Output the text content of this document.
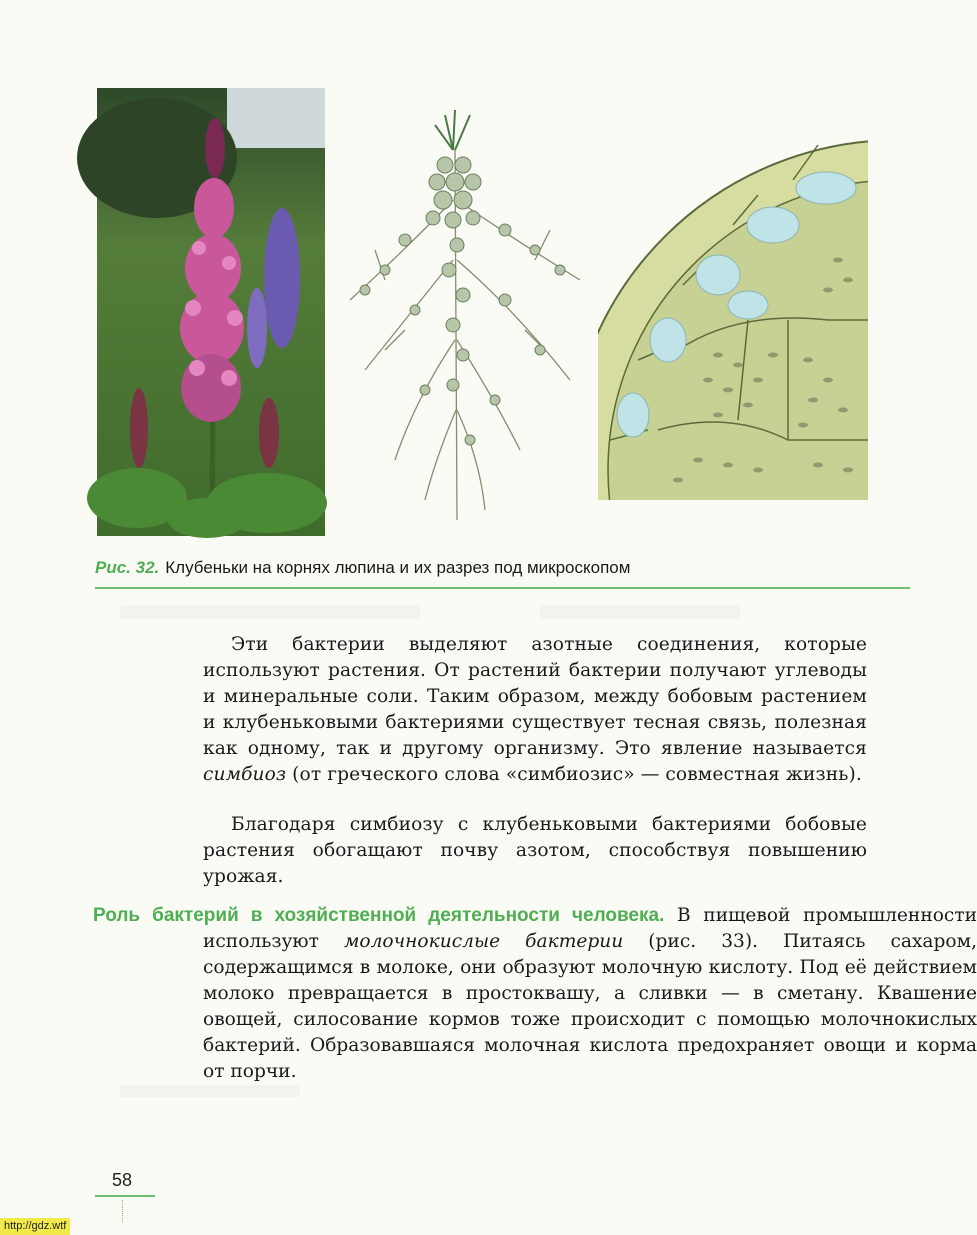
Рис. 32. Клубеньки на корнях люпина и их разрез под микроскопом

Эти бактерии выделяют азотные соединения, которые используют растения. От растений бактерии получают углеводы и минеральные соли. Таким образом, между бобовым растением и клубеньковыми бактериями существует тесная связь, полезная как одному, так и другому организму. Это явление называется симбиоз (от греческого слова «симбиозис» — совместная жизнь).

Благодаря симбиозу с клубеньковыми бактериями бобовые растения обогащают почву азотом, способствуя повышению урожая.

Роль бактерий в хозяйственной деятельности человека. В пищевой промышленности используют молочнокислые бактерии (рис. 33). Питаясь сахаром, содержащимся в молоке, они образуют молочную кислоту. Под её действием молоко превращается в простоквашу, а сливки — в сметану. Квашение овощей, силосование кормов тоже происходит с помощью молочнокислых бактерий. Образовавшаяся молочная кислота предохраняет овощи и корма от порчи.
58
http://gdz.wtf
